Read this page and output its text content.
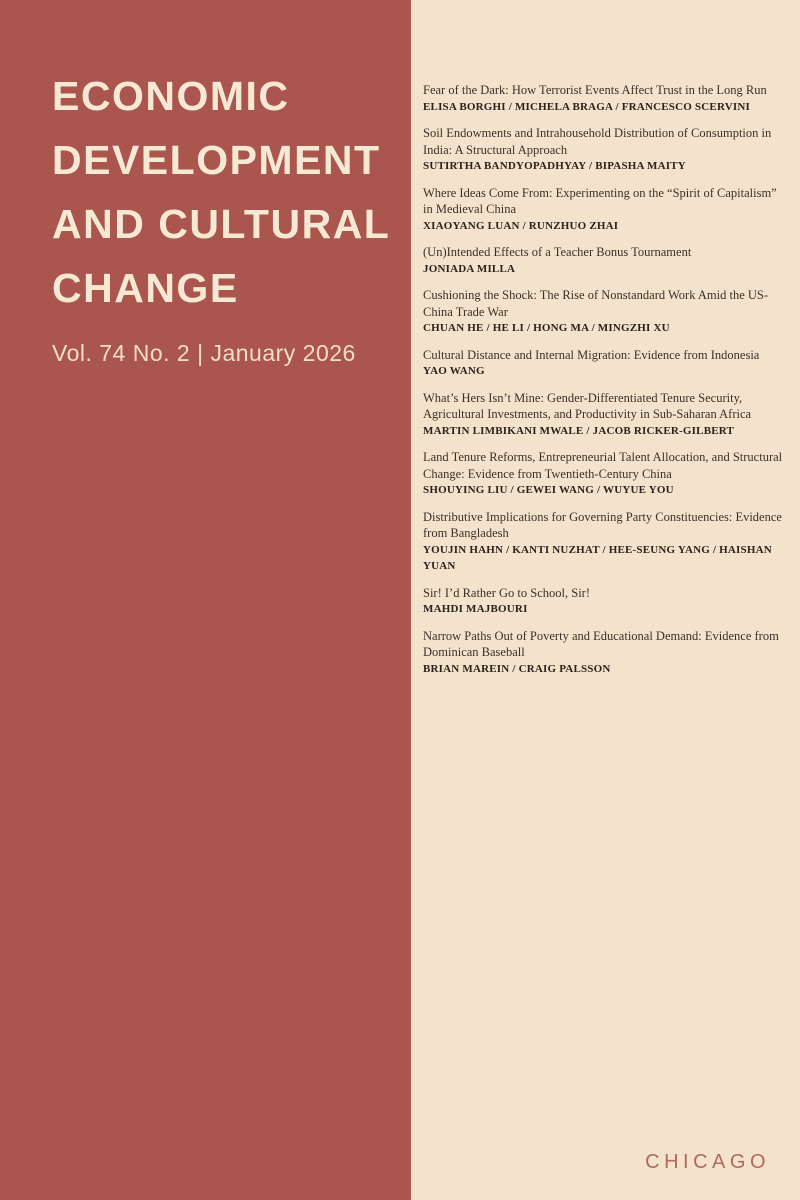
ECONOMIC
DEVELOPMENT
AND CULTURAL
CHANGE
Vol. 74 No. 2 | January 2026
Fear of the Dark: How Terrorist Events Affect Trust in the Long Run
ELISA BORGHI / MICHELA BRAGA / FRANCESCO SCERVINI
Soil Endowments and Intrahousehold Distribution of Consumption in India: A Structural Approach
SUTIRTHA BANDYOPADHYAY / BIPASHA MAITY
Where Ideas Come From: Experimenting on the “Spirit of Capitalism” in Medieval China
XIAOYANG LUAN / RUNZHUO ZHAI
(Un)Intended Effects of a Teacher Bonus Tournament
JONIADA MILLA
Cushioning the Shock: The Rise of Nonstandard Work Amid the US-China Trade War
CHUAN HE / HE LI / HONG MA / MINGZHI XU
Cultural Distance and Internal Migration: Evidence from Indonesia
YAO WANG
What’s Hers Isn’t Mine: Gender-Differentiated Tenure Security, Agricultural Investments, and Productivity in Sub-Saharan Africa
MARTIN LIMBIKANI MWALE / JACOB RICKER-GILBERT
Land Tenure Reforms, Entrepreneurial Talent Allocation, and Structural Change: Evidence from Twentieth-Century China
SHOUYING LIU / GEWEI WANG / WUYUE YOU
Distributive Implications for Governing Party Constituencies: Evidence from Bangladesh
YOUJIN HAHN / KANTI NUZHAT / HEE-SEUNG YANG / HAISHAN YUAN
Sir! I’d Rather Go to School, Sir!
MAHDI MAJBOURI
Narrow Paths Out of Poverty and Educational Demand: Evidence from Dominican Baseball
BRIAN MAREIN / CRAIG PALSSON
CHICAGO
